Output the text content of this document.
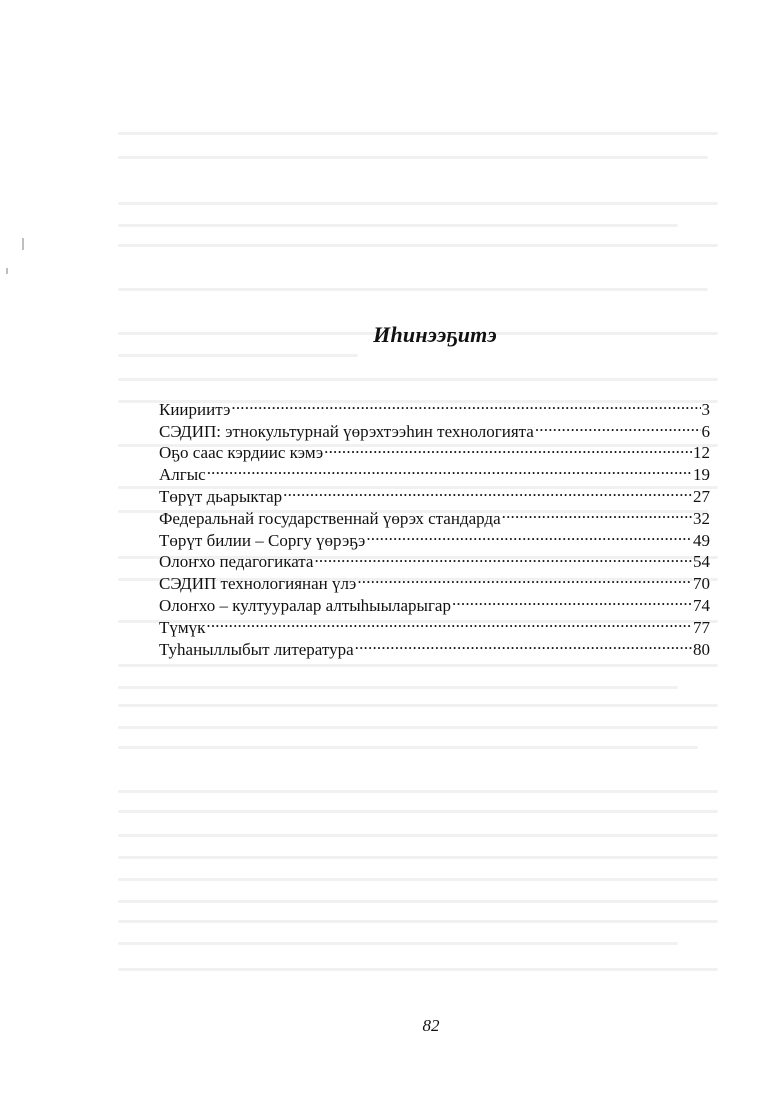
Иһинээҕитэ
Киириитэ .....	3
СЭДИП: этнокультурнай үөрэхтээһин технологията .....	6
Оҕо саас кэрдиис кэмэ .....	12
Алгыс .....	19
Төрүт дьарыктар .....	27
Федеральнай государственнай үөрэх стандарда .....	32
Төрүт билии – Соргу үөрэҕэ .....	49
Олоҥхо педагогиката .....	54
СЭДИП технологиянан үлэ .....	70
Олоҥхо – култууралар алтыһыыларыгар .....	74
Түмүк .....	77
Туһаныллыбыт литература .....	80

82
